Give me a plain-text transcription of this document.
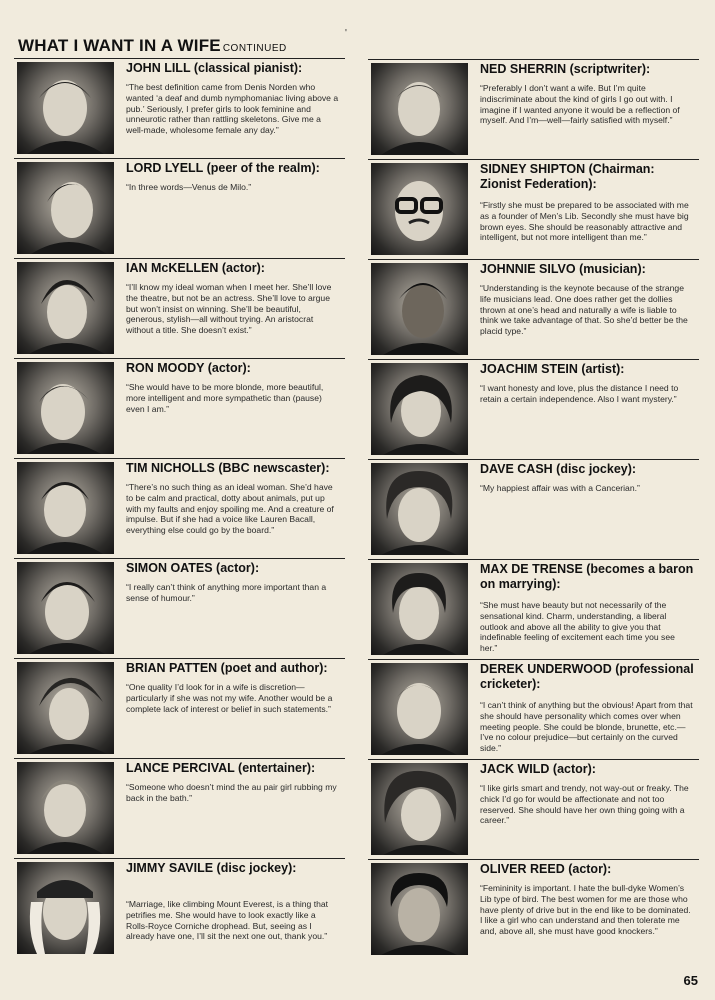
WHAT I WANT IN A WIFE CONTINUED
'
JOHN LILL (classical pianist):
“The best definition came from Denis Norden who wanted ‘a deaf and dumb nymphomaniac living above a pub.’ Seriously, I prefer girls to look feminine and unneurotic rather than rattling skeletons. Give me a well-made, wholesome female any day.”
LORD LYELL (peer of the realm):
“In three words—Venus de Milo.”
IAN McKELLEN (actor):
“I’ll know my ideal woman when I meet her. She’ll love the theatre, but not be an actress. She’ll love to argue but won’t insist on winning. She’ll be beautiful, generous, stylish—all without trying. An aristocrat without a title. She doesn’t exist.”
RON MOODY (actor):
“She would have to be more blonde, more beautiful, more intelligent and more sympathetic than (pause) even I am.”
TIM NICHOLLS (BBC newscaster):
“There’s no such thing as an ideal woman. She’d have to be calm and practical, dotty about animals, put up with my faults and enjoy spoiling me. And a creature of impulse. But if she had a voice like Lauren Bacall, everything else could go by the board.”
SIMON OATES (actor):
“I really can’t think of anything more important than a sense of humour.”
BRIAN PATTEN (poet and author):
“One quality I’d look for in a wife is discretion—particularly if she was not my wife. Another would be a complete lack of interest or belief in such statements.”
LANCE PERCIVAL (entertainer):
“Someone who doesn’t mind the au pair girl rubbing my back in the bath.”
JIMMY SAVILE (disc jockey):
“Marriage, like climbing Mount Everest, is a thing that petrifies me. She would have to look exactly like a Rolls-Royce Corniche drophead. But, seeing as I already have one, I’ll sit the next one out, thank you.”
NED SHERRIN (scriptwriter):
“Preferably I don’t want a wife. But I’m quite indiscriminate about the kind of girls I go out with. I imagine if I wanted anyone it would be a reflection of myself. And I’m—well—fairly satisfied with myself.”
SIDNEY SHIPTON (Chairman: Zionist Federation):
“Firstly she must be prepared to be associated with me as a founder of Men’s Lib. Secondly she must have big brown eyes. She should be reasonably attractive and intelligent, but not more intelligent than me.”
JOHNNIE SILVO (musician):
“Understanding is the keynote because of the strange life musicians lead. One does rather get the dollies thrown at one’s head and naturally a wife is liable to think we take advantage of that. So she’d better be the placid type.”
JOACHIM STEIN (artist):
“I want honesty and love, plus the distance I need to retain a certain independence. Also I want mystery.”
DAVE CASH (disc jockey):
“My happiest affair was with a Cancerian.”
MAX DE TRENSE (becomes a baron on marrying):
“She must have beauty but not necessarily of the sensational kind. Charm, understanding, a liberal outlook and above all the ability to give you that indefinable feeling of excitement each time you see her.”
DEREK UNDERWOOD (professional cricketer):
“I can’t think of anything but the obvious! Apart from that she should have personality which comes over when meeting people. She could be blonde, brunette, etc.—I’ve no colour prejudice—but certainly on the curved side.”
JACK WILD (actor):
“I like girls smart and trendy, not way-out or freaky. The chick I’d go for would be affectionate and not too reserved. She should have her own thing going with a career.”
OLIVER REED (actor):
“Femininity is important. I hate the bull-dyke Women’s Lib type of bird. The best women for me are those who have plenty of drive but in the end like to be dominated. I like a girl who can understand and then tolerate me and, above all, she must have good knockers.”
65
